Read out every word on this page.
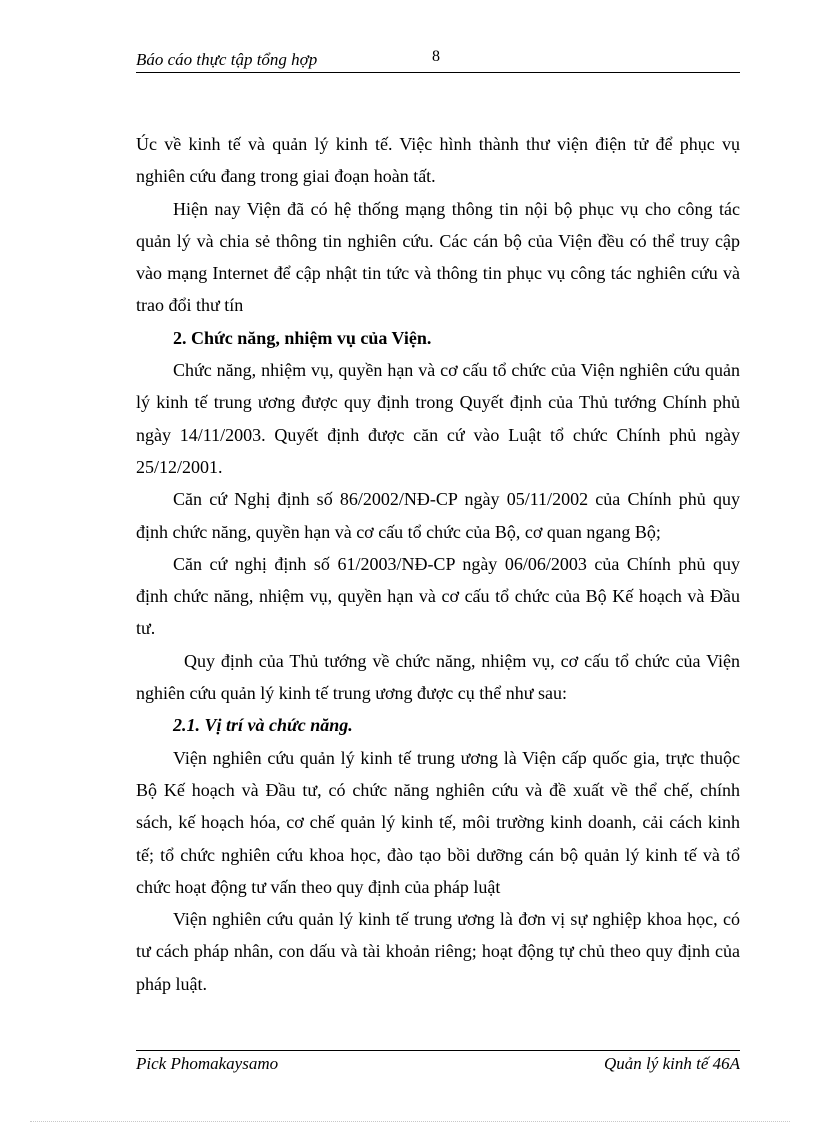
Báo cáo thực tập tổng hợp	8

Úc về kinh tế và quản lý kinh tế. Việc hình thành thư viện điện tử để phục vụ nghiên cứu đang trong giai đoạn hoàn tất.

Hiện nay Viện đã có hệ thống mạng thông tin nội bộ phục vụ cho công tác quản lý và chia sẻ thông tin nghiên cứu. Các cán bộ của Viện đều có thể truy cập vào mạng Internet để cập nhật tin tức và thông tin phục vụ công tác nghiên cứu và trao đổi thư tín

2. Chức năng, nhiệm vụ của Viện.

Chức năng, nhiệm vụ, quyền hạn và cơ cấu tổ chức của Viện nghiên cứu quản lý kinh tế trung ương được quy định trong Quyết định của Thủ tướng Chính phủ ngày 14/11/2003. Quyết định được căn cứ vào Luật tổ chức Chính phủ ngày 25/12/2001.

Căn cứ Nghị định số 86/2002/NĐ-CP ngày 05/11/2002 của Chính phủ quy định chức năng, quyền hạn và cơ cấu tổ chức của Bộ, cơ quan ngang Bộ;

Căn cứ nghị định số 61/2003/NĐ-CP ngày 06/06/2003 của Chính phủ quy định chức năng, nhiệm vụ, quyền hạn và cơ cấu tổ chức của Bộ Kế hoạch và Đầu tư.

Quy định của Thủ tướng về chức năng, nhiệm vụ, cơ cấu tổ chức của Viện nghiên cứu quản lý kinh tế trung ương được cụ thể như sau:

2.1. Vị trí và chức năng.

Viện nghiên cứu quản lý kinh tế trung ương là Viện cấp quốc gia, trực thuộc Bộ Kế hoạch và Đầu tư, có chức năng nghiên cứu và đề xuất về thể chế, chính sách, kế hoạch hóa, cơ chế quản lý kinh tế, môi trường kinh doanh, cải cách kinh tế; tổ chức nghiên cứu khoa học, đào tạo bồi dưỡng cán bộ quản lý kinh tế và tổ chức hoạt động tư vấn theo quy định của pháp luật

Viện nghiên cứu quản lý kinh tế trung ương là đơn vị sự nghiệp khoa học, có tư cách pháp nhân, con dấu và tài khoản riêng; hoạt động tự chủ theo quy định của pháp luật.

Pick Phomakaysamo	Quản lý kinh tế 46A
